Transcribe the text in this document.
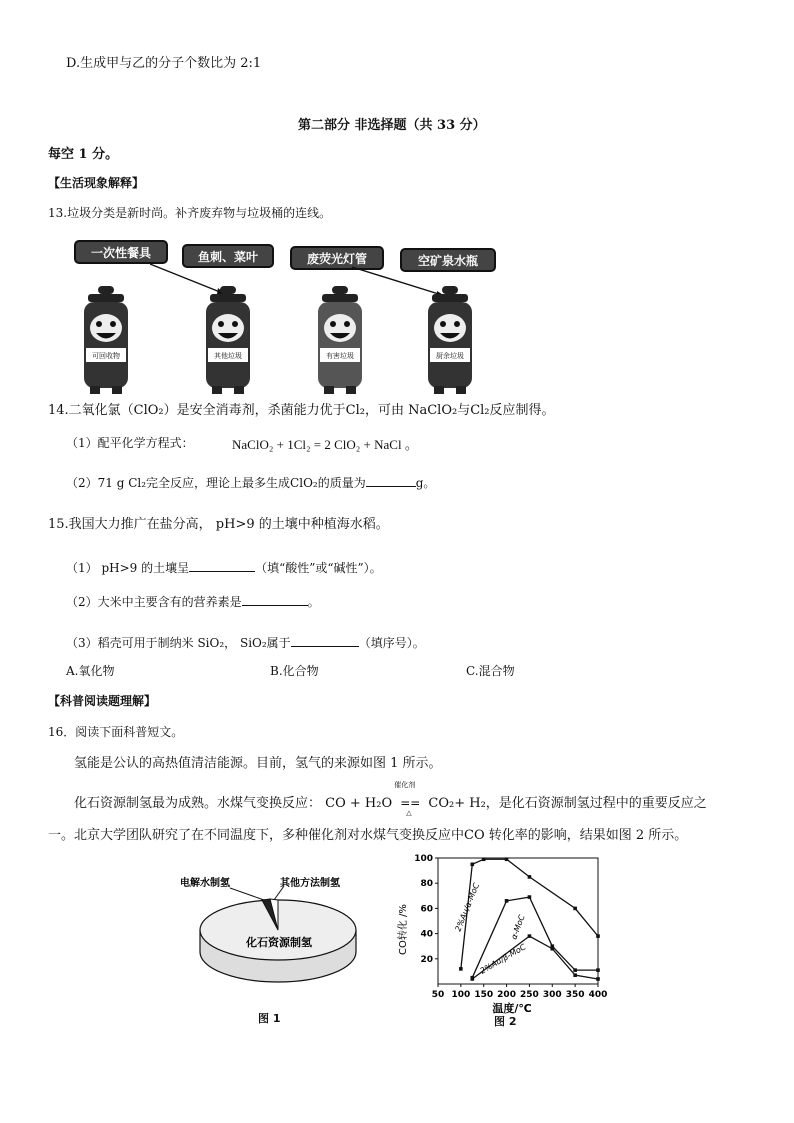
D.生成甲与乙的分子个数比为 2:1
第二部分 非选择题（共 33 分）
每空 1 分。
【生活现象解释】
13.垃圾分类是新时尚。补齐废弃物与垃圾桶的连线。
一次性餐具	鱼刺、菜叶	废荧光灯管	空矿泉水瓶
可回收物	其他垃圾	有害垃圾	厨余垃圾
14.二氧化氯（ClO₂）是安全消毒剂，杀菌能力优于Cl₂，可由 NaClO₂与Cl₂反应制得。
（1）配平化学方程式：	NaClO₂ + 1Cl₂ = 2 ClO₂ + NaCl 。
（2）71 g Cl₂完全反应，理论上最多生成ClO₂的质量为	g。
15.我国大力推广在盐分高， pH>9 的土壤中种植海水稻。
（1） pH>9 的土壤呈	（填“酸性”或“碱性”）。
（2）大米中主要含有的营养素是	。
（3）稻壳可用于制纳米 SiO₂， SiO₂属于	（填序号）。
A.氧化物	B.化合物	C.混合物
【科普阅读题理解】
16．阅读下面科普短文。
氢能是公认的高热值清洁能源。目前，氢气的来源如图 1 所示。
化石资源制氢最为成熟。水煤气变换反应： CO + H₂O
催化剂
==
△
CO₂+ H₂，是化石资源制氢过程中的重要反应之
一。北京大学团队研究了在不同温度下，多种催化剂对水煤气变换反应中CO 转化率的影响，结果如图 2 所示。
电解水制氢	其他方法制氢
化石资源制氢
图 1
50 100 150 200 250 300 350 400
20
40
60
80
100
CO转化 /%
温度/℃
2%Au/α-MoC	α-MoC
2%Au/β-MoC
图 2
